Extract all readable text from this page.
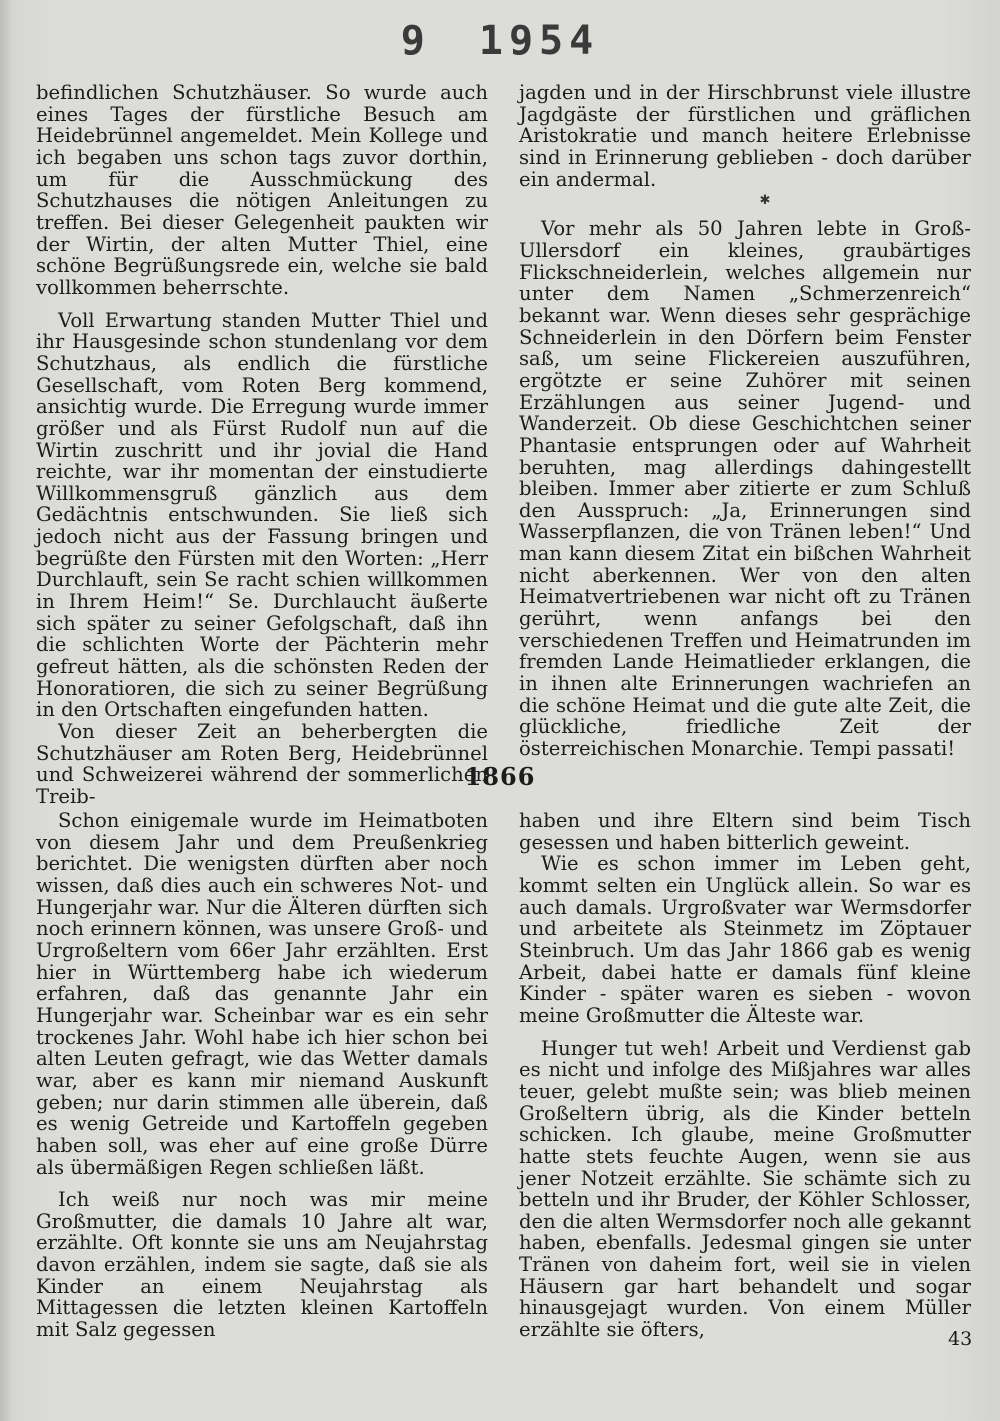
9 1954

befindlichen Schutzhäuser. So wurde auch eines Tages der fürstliche Besuch am Heidebrünnel angemeldet. Mein Kollege und ich begaben uns schon tags zuvor dorthin, um für die Ausschmückung des Schutzhauses die nötigen Anleitungen zu treffen. Bei dieser Gelegenheit paukten wir der Wirtin, der alten Mutter Thiel, eine schöne Begrüßungsrede ein, welche sie bald vollkommen beherrschte.

Voll Erwartung standen Mutter Thiel und ihr Hausgesinde schon stundenlang vor dem Schutzhaus, als endlich die fürstliche Gesellschaft, vom Roten Berg kommend, ansichtig wurde. Die Erregung wurde immer größer und als Fürst Rudolf nun auf die Wirtin zuschritt und ihr jovial die Hand reichte, war ihr momentan der einstudierte Willkommensgruß gänzlich aus dem Gedächtnis entschwunden. Sie ließ sich jedoch nicht aus der Fassung bringen und begrüßte den Fürsten mit den Worten: „Herr Durchlauft, sein Se racht schien willkommen in Ihrem Heim!“ Se. Durchlaucht äußerte sich später zu seiner Gefolgschaft, daß ihn die schlichten Worte der Pächterin mehr gefreut hätten, als die schönsten Reden der Honoratioren, die sich zu seiner Begrüßung in den Ortschaften eingefunden hatten.

Von dieser Zeit an beherbergten die Schutzhäuser am Roten Berg, Heidebrünnel und Schweizerei während der sommerlichen Treib-

jagden und in der Hirschbrunst viele illustre Jagdgäste der fürstlichen und gräflichen Aristokratie und manch heitere Erlebnisse sind in Erinnerung geblieben - doch darüber ein andermal.

✱

Vor mehr als 50 Jahren lebte in Groß-Ullersdorf ein kleines, graubärtiges Flickschneiderlein, welches allgemein nur unter dem Namen „Schmerzenreich“ bekannt war. Wenn dieses sehr gesprächige Schneiderlein in den Dörfern beim Fenster saß, um seine Flickereien auszuführen, ergötzte er seine Zuhörer mit seinen Erzählungen aus seiner Jugend- und Wanderzeit. Ob diese Geschichtchen seiner Phantasie entsprungen oder auf Wahrheit beruhten, mag allerdings dahingestellt bleiben. Immer aber zitierte er zum Schluß den Ausspruch: „Ja, Erinnerungen sind Wasserpflanzen, die von Tränen leben!“ Und man kann diesem Zitat ein bißchen Wahrheit nicht aberkennen. Wer von den alten Heimatvertriebenen war nicht oft zu Tränen gerührt, wenn anfangs bei den verschiedenen Treffen und Heimatrunden im fremden Lande Heimatlieder erklangen, die in ihnen alte Erinnerungen wachriefen an die schöne Heimat und die gute alte Zeit, die glückliche, friedliche Zeit der österreichischen Monarchie. Tempi passati!

1866

Schon einigemale wurde im Heimatboten von diesem Jahr und dem Preußenkrieg berichtet. Die wenigsten dürften aber noch wissen, daß dies auch ein schweres Not- und Hungerjahr war. Nur die Älteren dürften sich noch erinnern können, was unsere Groß- und Urgroßeltern vom 66er Jahr erzählten. Erst hier in Württemberg habe ich wiederum erfahren, daß das genannte Jahr ein Hungerjahr war. Scheinbar war es ein sehr trockenes Jahr. Wohl habe ich hier schon bei alten Leuten gefragt, wie das Wetter damals war, aber es kann mir niemand Auskunft geben; nur darin stimmen alle überein, daß es wenig Getreide und Kartoffeln gegeben haben soll, was eher auf eine große Dürre als übermäßigen Regen schließen läßt.

Ich weiß nur noch was mir meine Großmutter, die damals 10 Jahre alt war, erzählte. Oft konnte sie uns am Neujahrstag davon erzählen, indem sie sagte, daß sie als Kinder an einem Neujahrstag als Mittagessen die letzten kleinen Kartoffeln mit Salz gegessen

haben und ihre Eltern sind beim Tisch gesessen und haben bitterlich geweint.

Wie es schon immer im Leben geht, kommt selten ein Unglück allein. So war es auch damals. Urgroßvater war Wermsdorfer und arbeitete als Steinmetz im Zöptauer Steinbruch. Um das Jahr 1866 gab es wenig Arbeit, dabei hatte er damals fünf kleine Kinder - später waren es sieben - wovon meine Großmutter die Älteste war.

Hunger tut weh! Arbeit und Verdienst gab es nicht und infolge des Mißjahres war alles teuer, gelebt mußte sein; was blieb meinen Großeltern übrig, als die Kinder betteln schicken. Ich glaube, meine Großmutter hatte stets feuchte Augen, wenn sie aus jener Notzeit erzählte. Sie schämte sich zu betteln und ihr Bruder, der Köhler Schlosser, den die alten Wermsdorfer noch alle gekannt haben, ebenfalls. Jedesmal gingen sie unter Tränen von daheim fort, weil sie in vielen Häusern gar hart behandelt und sogar hinausgejagt wurden. Von einem Müller erzählte sie öfters,	43
